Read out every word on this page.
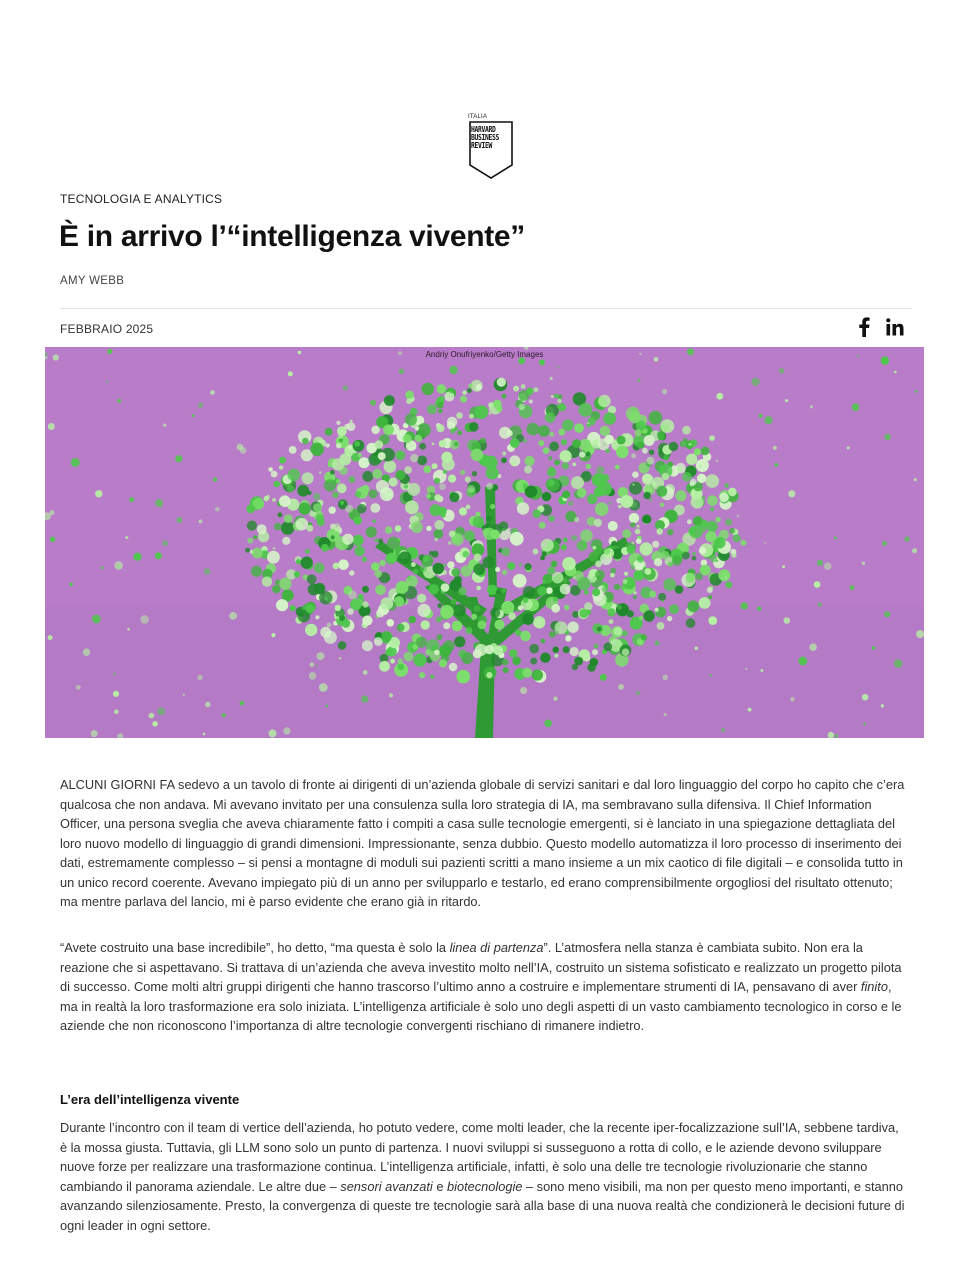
ITALIA
HARVARD
BUSINESS
REVIEW
TECNOLOGIA E ANALYTICS
È in arrivo l’“intelligenza vivente”
AMY WEBB
FEBBRAIO 2025
Andriy Onufriyenko/Getty Images

ALCUNI GIORNI FA sedevo a un tavolo di fronte ai dirigenti di un’azienda globale di servizi sanitari e dal loro linguaggio del corpo ho capito che c’era qualcosa che non andava. Mi avevano invitato per una consulenza sulla loro strategia di IA, ma sembravano sulla difensiva. Il Chief Information Officer, una persona sveglia che aveva chiaramente fatto i compiti a casa sulle tecnologie emergenti, si è lanciato in una spiegazione dettagliata del loro nuovo modello di linguaggio di grandi dimensioni. Impressionante, senza dubbio. Questo modello automatizza il loro processo di inserimento dei dati, estremamente complesso – si pensi a montagne di moduli sui pazienti scritti a mano insieme a un mix caotico di file digitali – e consolida tutto in un unico record coerente. Avevano impiegato più di un anno per svilupparlo e testarlo, ed erano comprensibilmente orgogliosi del risultato ottenuto; ma mentre parlava del lancio, mi è parso evidente che erano già in ritardo.

“Avete costruito una base incredibile”, ho detto, “ma questa è solo la linea di partenza”. L’atmosfera nella stanza è cambiata subito. Non era la reazione che si aspettavano. Si trattava di un’azienda che aveva investito molto nell’IA, costruito un sistema sofisticato e realizzato un progetto pilota di successo. Come molti altri gruppi dirigenti che hanno trascorso l’ultimo anno a costruire e implementare strumenti di IA, pensavano di aver finito, ma in realtà la loro trasformazione era solo iniziata. L’intelligenza artificiale è solo uno degli aspetti di un vasto cambiamento tecnologico in corso e le aziende che non riconoscono l’importanza di altre tecnologie convergenti rischiano di rimanere indietro.

L’era dell’intelligenza vivente

Durante l’incontro con il team di vertice dell’azienda, ho potuto vedere, come molti leader, che la recente iper-focalizzazione sull’IA, sebbene tardiva, è la mossa giusta. Tuttavia, gli LLM sono solo un punto di partenza. I nuovi sviluppi si susseguono a rotta di collo, e le aziende devono sviluppare nuove forze per realizzare una trasformazione continua. L’intelligenza artificiale, infatti, è solo una delle tre tecnologie rivoluzionarie che stanno cambiando il panorama aziendale. Le altre due – sensori avanzati e biotecnologie – sono meno visibili, ma non per questo meno importanti, e stanno avanzando silenziosamente. Presto, la convergenza di queste tre tecnologie sarà alla base di una nuova realtà che condizionerà le decisioni future di ogni leader in ogni settore.
